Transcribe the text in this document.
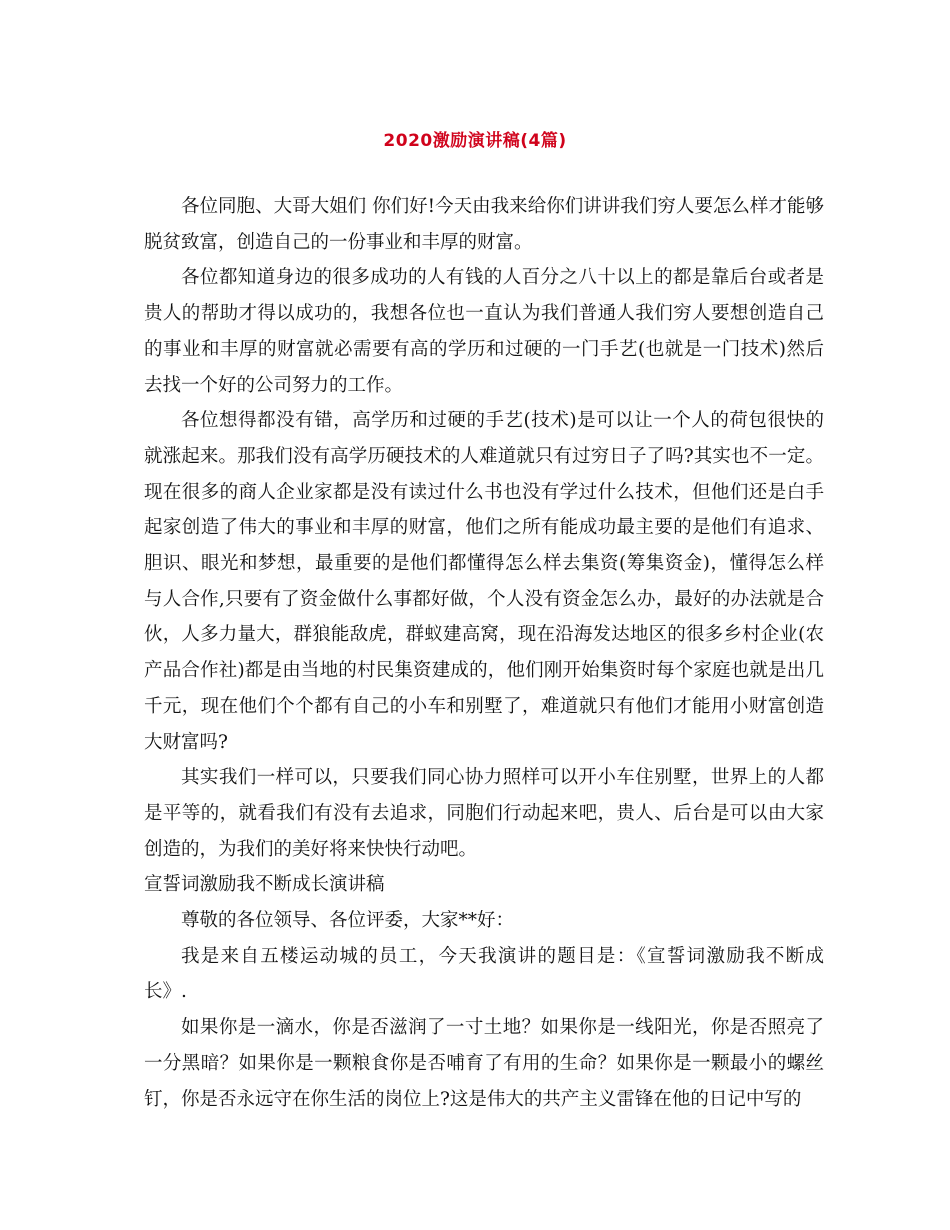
2020激励演讲稿(4篇)

各位同胞、大哥大姐们 你们好!今天由我来给你们讲讲我们穷人要怎么样才能够脱贫致富，创造自己的一份事业和丰厚的财富。

各位都知道身边的很多成功的人有钱的人百分之八十以上的都是靠后台或者是贵人的帮助才得以成功的，我想各位也一直认为我们普通人我们穷人要想创造自己的事业和丰厚的财富就必需要有高的学历和过硬的一门手艺(也就是一门技术)然后去找一个好的公司努力的工作。

各位想得都没有错，高学历和过硬的手艺(技术)是可以让一个人的荷包很快的就涨起来。那我们没有高学历硬技术的人难道就只有过穷日子了吗?其实也不一定。现在很多的商人企业家都是没有读过什么书也没有学过什么技术，但他们还是白手起家创造了伟大的事业和丰厚的财富，他们之所有能成功最主要的是他们有追求、胆识、眼光和梦想，最重要的是他们都懂得怎么样去集资(筹集资金)，懂得怎么样与人合作,只要有了资金做什么事都好做，个人没有资金怎么办，最好的办法就是合伙，人多力量大，群狼能敌虎，群蚁建高窝，现在沿海发达地区的很多乡村企业(农产品合作社)都是由当地的村民集资建成的，他们刚开始集资时每个家庭也就是出几千元，现在他们个个都有自己的小车和别墅了，难道就只有他们才能用小财富创造大财富吗?

其实我们一样可以，只要我们同心协力照样可以开小车住别墅，世界上的人都是平等的，就看我们有没有去追求，同胞们行动起来吧，贵人、后台是可以由大家创造的，为我们的美好将来快快行动吧。

宣誓词激励我不断成长演讲稿

尊敬的各位领导、各位评委，大家**好：

我是来自五楼运动城的员工，今天我演讲的题目是：《宣誓词激励我不断成长》.

如果你是一滴水，你是否滋润了一寸土地？如果你是一线阳光，你是否照亮了一分黑暗？如果你是一颗粮食你是否哺育了有用的生命？如果你是一颗最小的螺丝钉，你是否永远守在你生活的岗位上?这是伟大的共产主义雷锋在他的日记中写的
